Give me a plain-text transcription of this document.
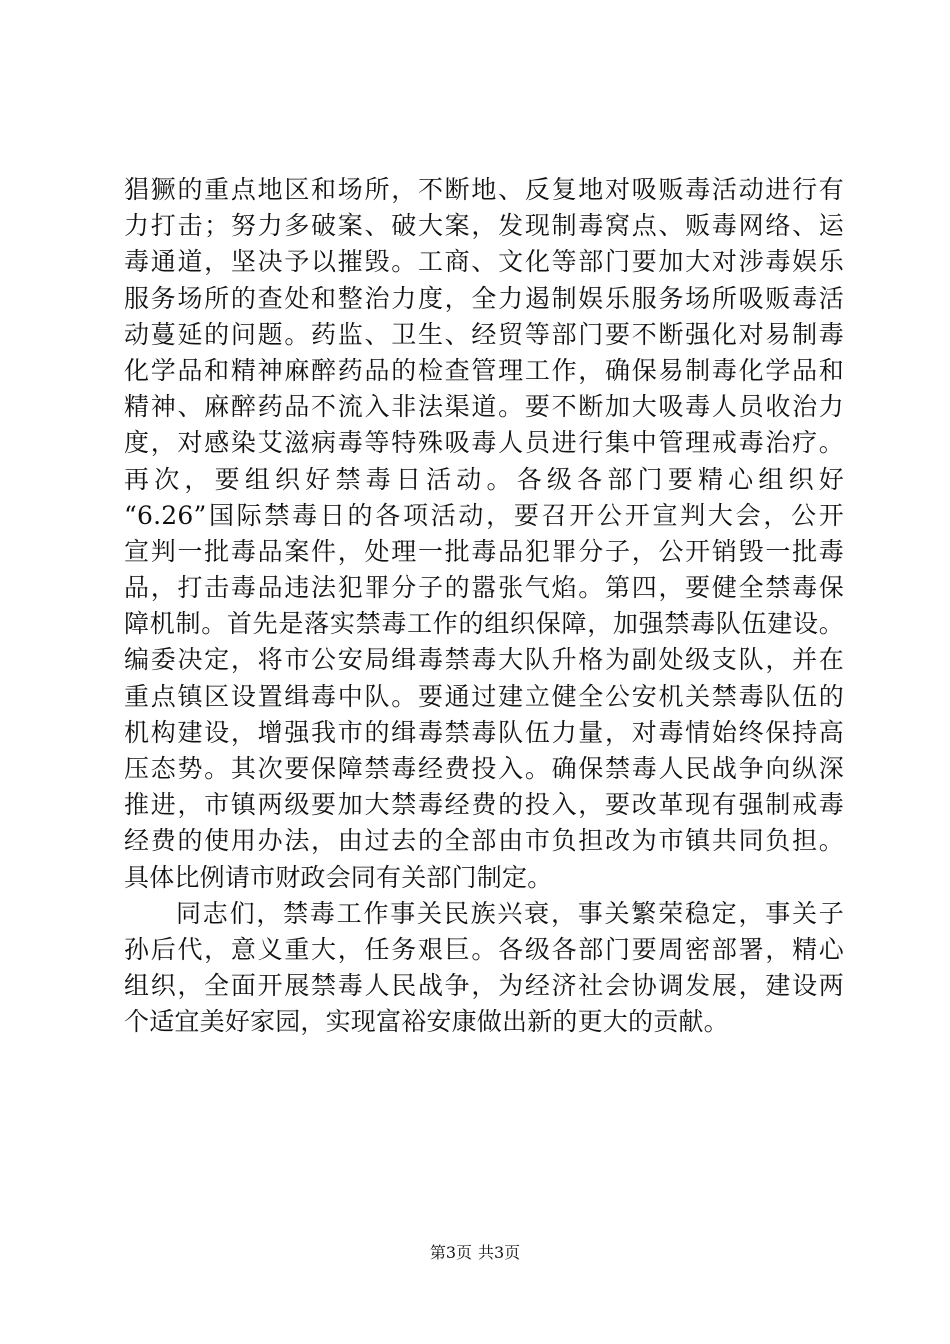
猖獗的重点地区和场所，不断地、反复地对吸贩毒活动进行有
力打击；努力多破案、破大案，发现制毒窝点、贩毒网络、运
毒通道，坚决予以摧毁。工商、文化等部门要加大对涉毒娱乐
服务场所的查处和整治力度，全力遏制娱乐服务场所吸贩毒活
动蔓延的问题。药监、卫生、经贸等部门要不断强化对易制毒
化学品和精神麻醉药品的检查管理工作，确保易制毒化学品和
精神、麻醉药品不流入非法渠道。要不断加大吸毒人员收治力
度，对感染艾滋病毒等特殊吸毒人员进行集中管理戒毒治疗。
再次，要组织好禁毒日活动。各级各部门要精心组织好
“6.26”国际禁毒日的各项活动，要召开公开宣判大会，公开
宣判一批毒品案件，处理一批毒品犯罪分子，公开销毁一批毒
品，打击毒品违法犯罪分子的嚣张气焰。第四，要健全禁毒保
障机制。首先是落实禁毒工作的组织保障，加强禁毒队伍建设。
编委决定，将市公安局缉毒禁毒大队升格为副处级支队，并在
重点镇区设置缉毒中队。要通过建立健全公安机关禁毒队伍的
机构建设，增强我市的缉毒禁毒队伍力量，对毒情始终保持高
压态势。其次要保障禁毒经费投入。确保禁毒人民战争向纵深
推进，市镇两级要加大禁毒经费的投入，要改革现有强制戒毒
经费的使用办法，由过去的全部由市负担改为市镇共同负担。
具体比例请市财政会同有关部门制定。
同志们，禁毒工作事关民族兴衰，事关繁荣稳定，事关子
孙后代，意义重大，任务艰巨。各级各部门要周密部署，精心
组织，全面开展禁毒人民战争，为经济社会协调发展，建设两
个适宜美好家园，实现富裕安康做出新的更大的贡献。
第3页 共3页
